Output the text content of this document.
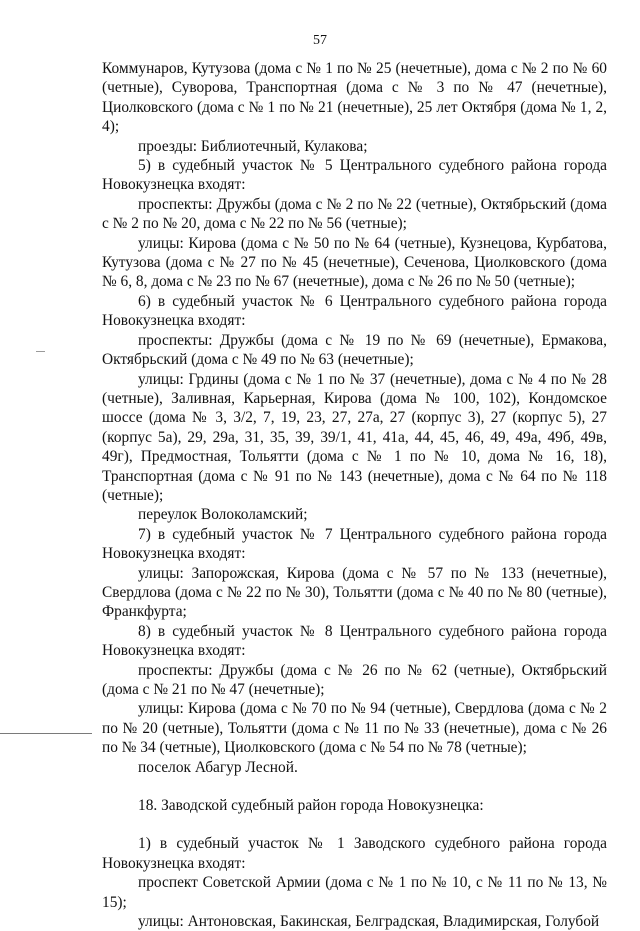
57

Коммунаров, Кутузова (дома с № 1 по № 25 (нечетные), дома с № 2 по № 60 (четные), Суворова, Транспортная (дома с № 3 по № 47 (нечетные), Циолковского (дома с № 1 по № 21 (нечетные), 25 лет Октября (дома № 1, 2, 4);

проезды: Библиотечный, Кулакова;

5) в судебный участок № 5 Центрального судебного района города Новокузнецка входят:

проспекты: Дружбы (дома с № 2 по № 22 (четные), Октябрьский (дома с № 2 по № 20, дома с № 22 по № 56 (четные);

улицы: Кирова (дома с № 50 по № 64 (четные), Кузнецова, Курбатова, Кутузова (дома с № 27 по № 45 (нечетные), Сеченова, Циолковского (дома № 6, 8, дома с № 23 по № 67 (нечетные), дома с № 26 по № 50 (четные);

6) в судебный участок № 6 Центрального судебного района города Новокузнецка входят:

проспекты: Дружбы (дома с № 19 по № 69 (нечетные), Ермакова, Октябрьский (дома с № 49 по № 63 (нечетные);

улицы: Грдины (дома с № 1 по № 37 (нечетные), дома с № 4 по № 28 (четные), Заливная, Карьерная, Кирова (дома № 100, 102), Кондомское шоссе (дома № 3, 3/2, 7, 19, 23, 27, 27а, 27 (корпус 3), 27 (корпус 5), 27 (корпус 5а), 29, 29а, 31, 35, 39, 39/1, 41, 41а, 44, 45, 46, 49, 49а, 49б, 49в, 49г), Предмостная, Тольятти (дома с № 1 по № 10, дома № 16, 18), Транспортная (дома с № 91 по № 143 (нечетные), дома с № 64 по № 118 (четные);

переулок Волоколамский;

7) в судебный участок № 7 Центрального судебного района города Новокузнецка входят:

улицы: Запорожская, Кирова (дома с № 57 по № 133 (нечетные), Свердлова (дома с № 22 по № 30), Тольятти (дома с № 40 по № 80 (четные), Франкфурта;

8) в судебный участок № 8 Центрального судебного района города Новокузнецка входят:

проспекты: Дружбы (дома с № 26 по № 62 (четные), Октябрьский (дома с № 21 по № 47 (нечетные);

улицы: Кирова (дома с № 70 по № 94 (четные), Свердлова (дома с № 2 по № 20 (четные), Тольятти (дома с № 11 по № 33 (нечетные), дома с № 26 по № 34 (четные), Циолковского (дома с № 54 по № 78 (четные);

поселок Абагур Лесной.

18. Заводской судебный район города Новокузнецка:

1) в судебный участок № 1 Заводского судебного района города Новокузнецка входят:

проспект Советской Армии (дома с № 1 по № 10, с № 11 по № 13, № 15);

улицы: Антоновская, Бакинская, Белградская, Владимирская, Голубой
